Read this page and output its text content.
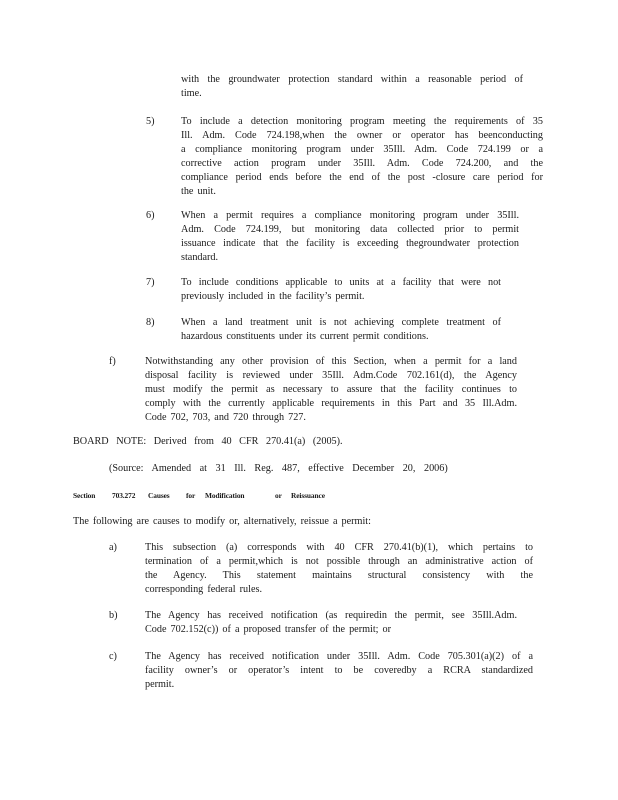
with the groundwater protection standard within a reasonable period of
time.
5)	To include a detection monitoring program meeting the requirements of 35
Ill. Adm. Code 724.198,when the owner or operator has beenconducting
a compliance monitoring program under 35Ill. Adm. Code 724.199 or a
corrective action program under 35Ill. Adm. Code 724.200, and the
compliance period ends before the end of the post -closure care period for
the unit.
6)	When a permit requires a compliance monitoring program under 35Ill.
Adm. Code 724.199, but monitoring data collected prior to permit
issuance indicate that the facility is exceeding thegroundwater protection
standard.
7)	To include conditions applicable to units at a facility that were not
previously included in the facility’s permit.
8)	When a land treatment unit is not achieving complete treatment of
hazardous constituents under its current permit conditions.
f)	Notwithstanding any other provision of this Section, when a permit for a land
disposal facility is reviewed under 35Ill. Adm.Code 702.161(d), the Agency
must modify the permit as necessary to assure that the facility continues to
comply with the currently applicable requirements in this Part and 35 Ill.Adm.
Code 702, 703, and 720 through 727.
BOARD NOTE: Derived from 40 CFR 270.41(a) (2005).
(Source: Amended at 31 Ill. Reg. 487, effective December 20, 2006)
Section 703.272 Causes for Modification	or Reissuance
The following are causes to modify or, alternatively, reissue a permit:
a)	This subsection (a) corresponds with 40 CFR 270.41(b)(1), which pertains to
termination of a permit,which is not possible through an administrative action of
the Agency. This statement maintains structural consistency with the
corresponding federal rules.
b)	The Agency has received notification (as requiredin the permit, see 35Ill.Adm.
Code 702.152(c)) of a proposed transfer of the permit; or
c)	The Agency has received notification under 35Ill. Adm. Code 705.301(a)(2) of a
facility owner’s or operator’s intent to be coveredby a RCRA standardized
permit.
